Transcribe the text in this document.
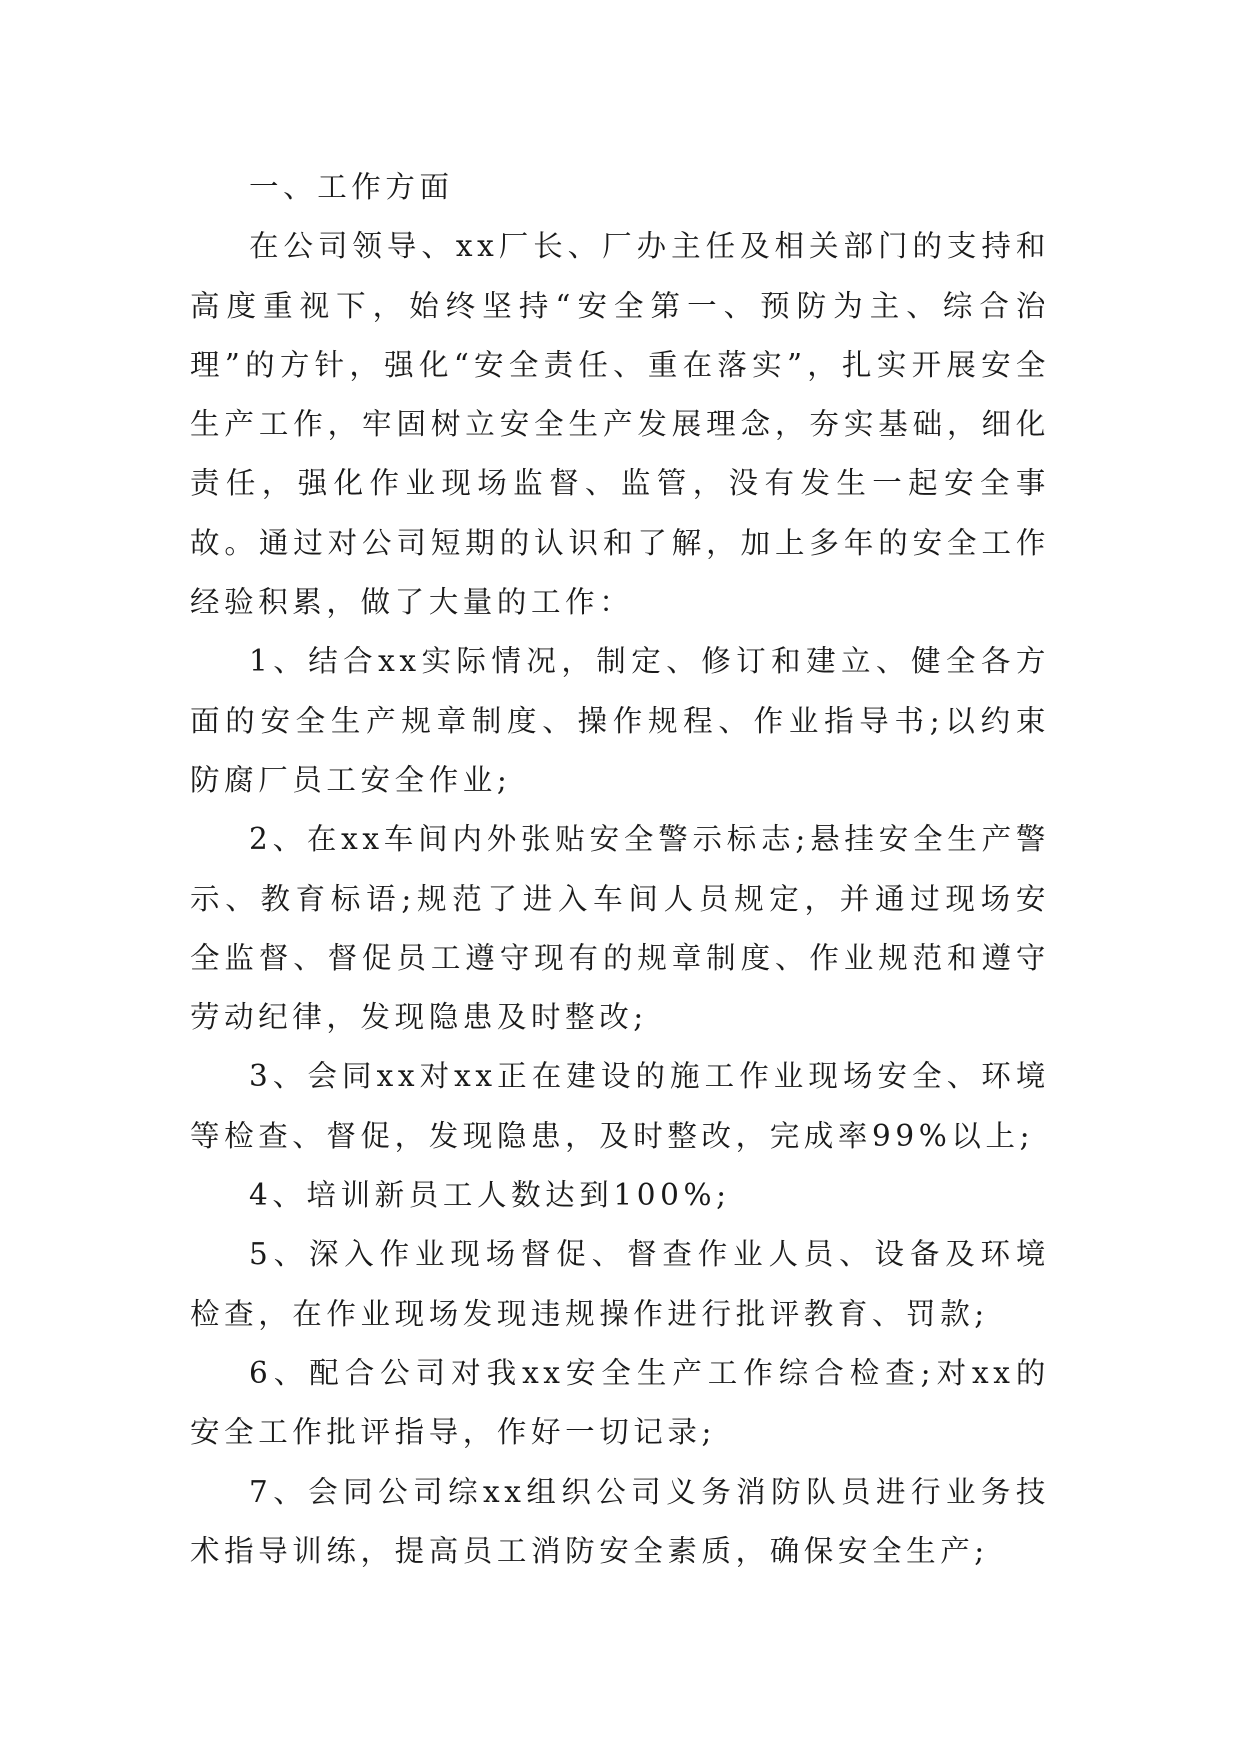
一、工作方面

在公司领导、xx厂长、厂办主任及相关部门的支持和高度重视下，始终坚持“安全第一、预防为主、综合治理”的方针，强化“安全责任、重在落实”，扎实开展安全生产工作，牢固树立安全生产发展理念，夯实基础，细化责任，强化作业现场监督、监管，没有发生一起安全事故。通过对公司短期的认识和了解，加上多年的安全工作经验积累，做了大量的工作：

1、结合xx实际情况，制定、修订和建立、健全各方面的安全生产规章制度、操作规程、作业指导书;以约束防腐厂员工安全作业;

2、在xx车间内外张贴安全警示标志;悬挂安全生产警示、教育标语;规范了进入车间人员规定，并通过现场安全监督、督促员工遵守现有的规章制度、作业规范和遵守劳动纪律，发现隐患及时整改;

3、会同xx对xx正在建设的施工作业现场安全、环境等检查、督促，发现隐患，及时整改，完成率99%以上;

4、培训新员工人数达到100%;

5、深入作业现场督促、督查作业人员、设备及环境检查，在作业现场发现违规操作进行批评教育、罚款;

6、配合公司对我xx安全生产工作综合检查;对xx的安全工作批评指导，作好一切记录;

7、会同公司综xx组织公司义务消防队员进行业务技术指导训练，提高员工消防安全素质，确保安全生产;
